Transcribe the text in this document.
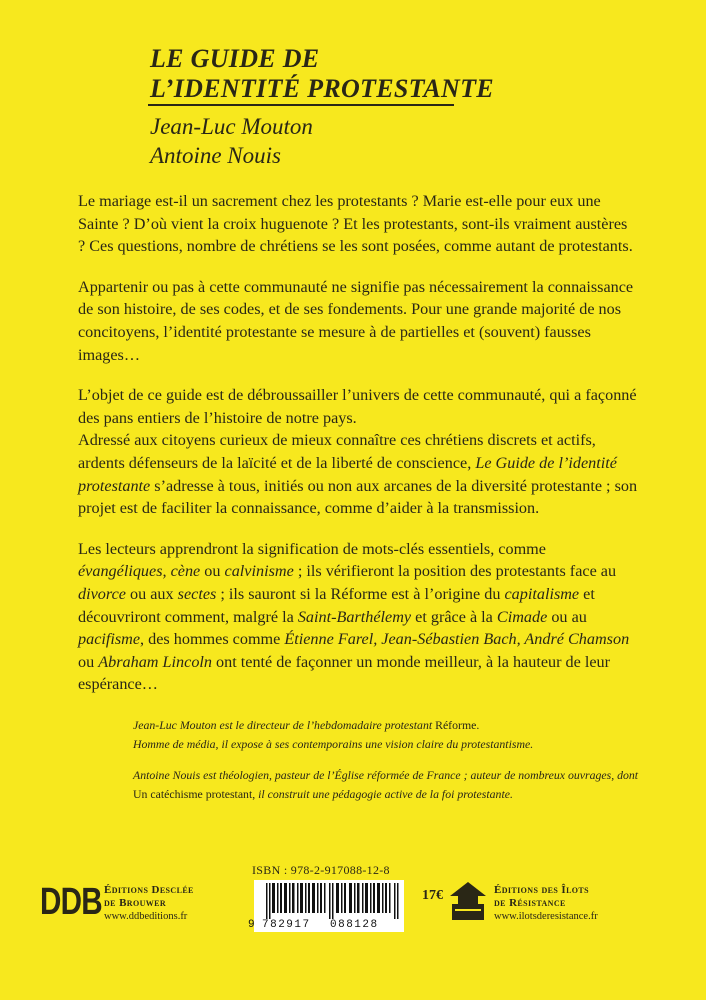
LE GUIDE DE
L’IDENTITÉ PROTESTANTE
Jean-Luc Mouton
Antoine Nouis

Le mariage est-il un sacrement chez les protestants ? Marie est-elle pour eux une Sainte ? D’où vient la croix huguenote ? Et les protestants, sont-ils vraiment austères ? Ces questions, nombre de chrétiens se les sont posées, comme autant de protestants.

Appartenir ou pas à cette communauté ne signifie pas nécessairement la connaissance de son histoire, de ses codes, et de ses fondements. Pour une grande majorité de nos concitoyens, l’identité protestante se mesure à de partielles et (souvent) fausses images…

L’objet de ce guide est de débroussailler l’univers de cette communauté, qui a façonné des pans entiers de l’histoire de notre pays.

Adressé aux citoyens curieux de mieux connaître ces chrétiens discrets et actifs, ardents défenseurs de la laïcité et de la liberté de conscience, Le Guide de l’identité protestante s’adresse à tous, initiés ou non aux arcanes de la diversité protestante ; son projet est de faciliter la connaissance, comme d’aider à la transmission.

Les lecteurs apprendront la signification de mots-clés essentiels, comme évangéliques, cène ou calvinisme ; ils vérifieront la position des protestants face au divorce ou aux sectes ; ils sauront si la Réforme est à l’origine du capitalisme et découvriront comment, malgré la Saint-Barthélemy et grâce à la Cimade ou au pacifisme, des hommes comme Étienne Farel, Jean-Sébastien Bach, André Chamson ou Abraham Lincoln ont tenté de façonner un monde meilleur, à la hauteur de leur espérance…

Jean-Luc Mouton est le directeur de l’hebdomadaire protestant Réforme.
Homme de média, il expose à ses contemporains une vision claire du protestantisme.

Antoine Nouis est théologien, pasteur de l’Église réformée de France ; auteur de nombreux ouvrages, dont Un catéchisme protestant, il construit une pédagogie active de la foi protestante.

DDB Éditions Desclée
de Brouwer
www.ddbeditions.fr
ISBN : 978-2-917088-12-8
9 782917	088128
17€	Éditions des Îlots
de Résistance
www.ilotsderesistance.fr
